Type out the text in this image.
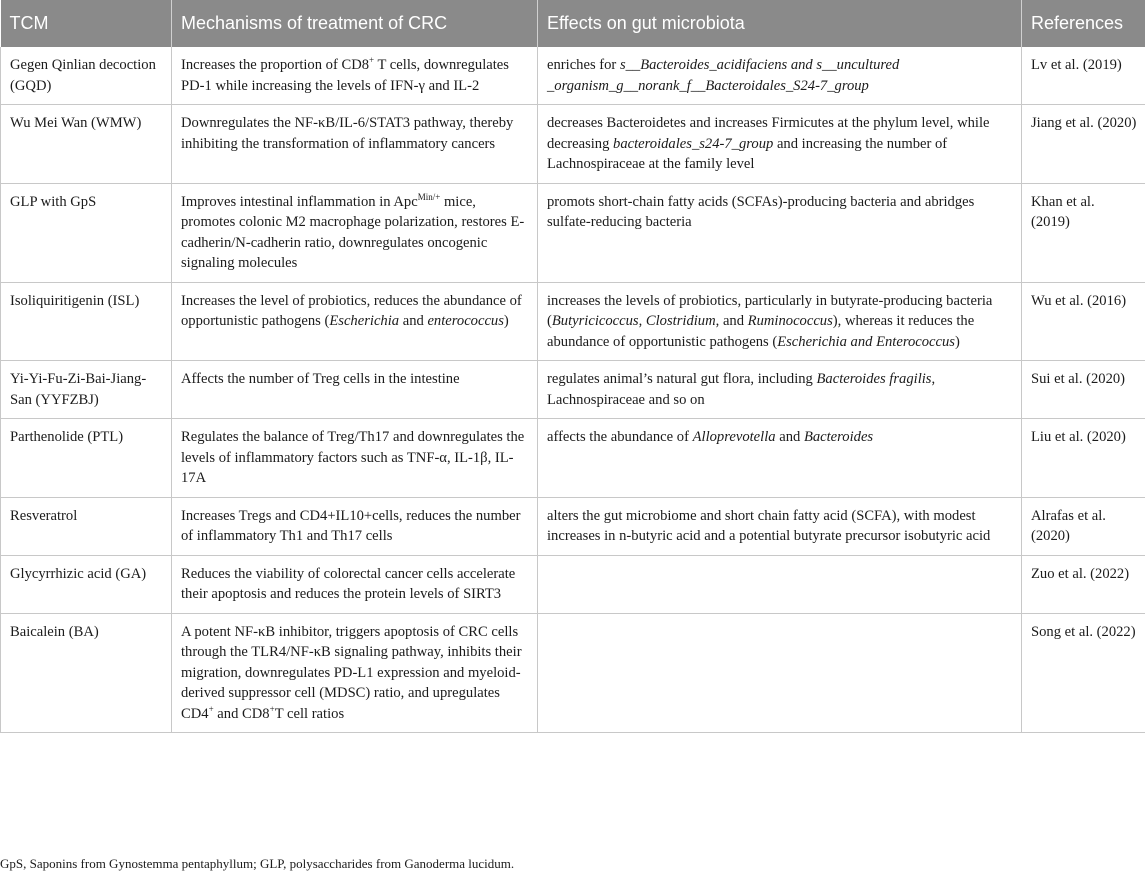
TCM	Mechanisms of treatment of CRC	Effects on gut microbiota	References
Gegen Qinlian decoction (GQD)	Increases the proportion of CD8+ T cells, downregulates PD-1 while increasing the levels of IFN-γ and IL-2	enriches for s__Bacteroides_acidifaciens and s__uncultured _organism_g__norank_f__Bacteroidales_S24-7_group	Lv et al. (2019)
Wu Mei Wan (WMW)	Downregulates the NF-κB/IL-6/STAT3 pathway, thereby inhibiting the transformation of inflammatory cancers	decreases Bacteroidetes and increases Firmicutes at the phylum level, while decreasing bacteroidales_s24-7_group and increasing the number of Lachnospiraceae at the family level	Jiang et al. (2020)
GLP with GpS	Improves intestinal inflammation in Apc$^{Min/+}$ mice, promotes colonic M2 macrophage polarization, restores E-cadherin/N-cadherin ratio, downregulates oncogenic signaling molecules	promots short-chain fatty acids (SCFAs)-producing bacteria and abridges sulfate-reducing bacteria	Khan et al. (2019)
Isoliquiritigenin (ISL)	Increases the level of probiotics, reduces the abundance of opportunistic pathogens (Escherichia and enterococcus)	increases the levels of probiotics, particularly in butyrate-producing bacteria (Butyricicoccus, Clostridium, and Ruminococcus), whereas it reduces the abundance of opportunistic pathogens (Escherichia and Enterococcus)	Wu et al. (2016)
Yi-Yi-Fu-Zi-Bai-Jiang-San (YYFZBJ)	Affects the number of Treg cells in the intestine	regulates animal’s natural gut flora, including Bacteroides fragilis, Lachnospiraceae and so on	Sui et al. (2020)
Parthenolide (PTL)	Regulates the balance of Treg/Th17 and downregulates the levels of inflammatory factors such as TNF-α, IL-1β, IL-17A	affects the abundance of Alloprevotella and Bacteroides	Liu et al. (2020)
Resveratrol	Increases Tregs and CD4+IL10+cells, reduces the number of inflammatory Th1 and Th17 cells	alters the gut microbiome and short chain fatty acid (SCFA), with modest increases in n-butyric acid and a potential butyrate precursor isobutyric acid	Alrafas et al. (2020)
Glycyrrhizic acid (GA)	Reduces the viability of colorectal cancer cells accelerate their apoptosis and reduces the protein levels of SIRT3		Zuo et al. (2022)
Baicalein (BA)	A potent NF-κB inhibitor, triggers apoptosis of CRC cells through the TLR4/NF-κB signaling pathway, inhibits their migration, downregulates PD-L1 expression and myeloid-derived suppressor cell (MDSC) ratio, and upregulates CD4+ and CD8+T cell ratios		Song et al. (2022)
GpS, Saponins from Gynostemma pentaphyllum; GLP, polysaccharides from Ganoderma lucidum.
